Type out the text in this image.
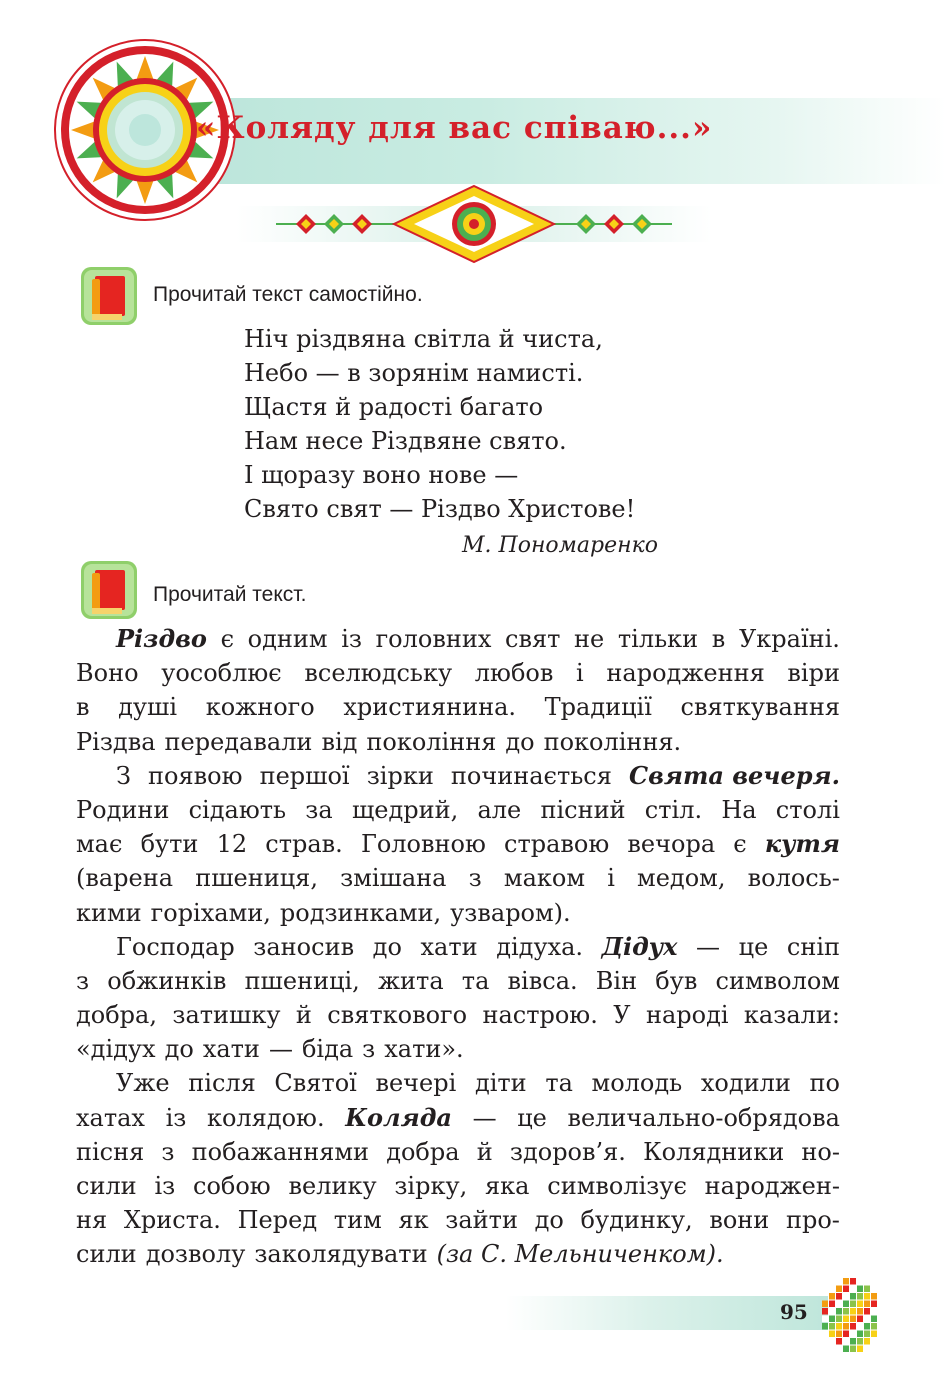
«Коляду для вас співаю...»
Прочитай текст самостійно.
Ніч різдвяна світла й чиста,
Небо — в зорянім намисті.
Щастя й радості багато
Нам несе Різдвяне свято.
І щоразу воно нове —
Свято свят — Різдво Христове!
М. Пономаренко
Прочитай текст.
Різдво є одним із головних свят не тільки в Україні.
Воно уособлює вселюдську любов і народження віри
в душі кожного християнина. Традиції святкування
Різдва передавали від покоління до покоління.
З появою першої зірки починається Свята вечеря.
Родини сідають за щедрий, але пісний стіл. На столі
має бути 12 страв. Головною стравою вечора є кутя
(варена пшениця, змішана з маком і медом, волось-
кими горіхами, родзинками, узваром).
Господар заносив до хати дідуха. Дідух — це сніп
з обжинків пшениці, жита та вівса. Він був символом
добра, затишку й святкового настрою. У народі казали:
«дідух до хати — біда з хати».
Уже після Святої вечері діти та молодь ходили по
хатах із колядою. Коляда — це величально-обрядова
пісня з побажаннями добра й здоров’я. Колядники но-
сили із собою велику зірку, яка символізує народжен-
ня Христа. Перед тим як зайти до будинку, вони про-
сили дозволу заколядувати (за С. Мельниченком).
95
